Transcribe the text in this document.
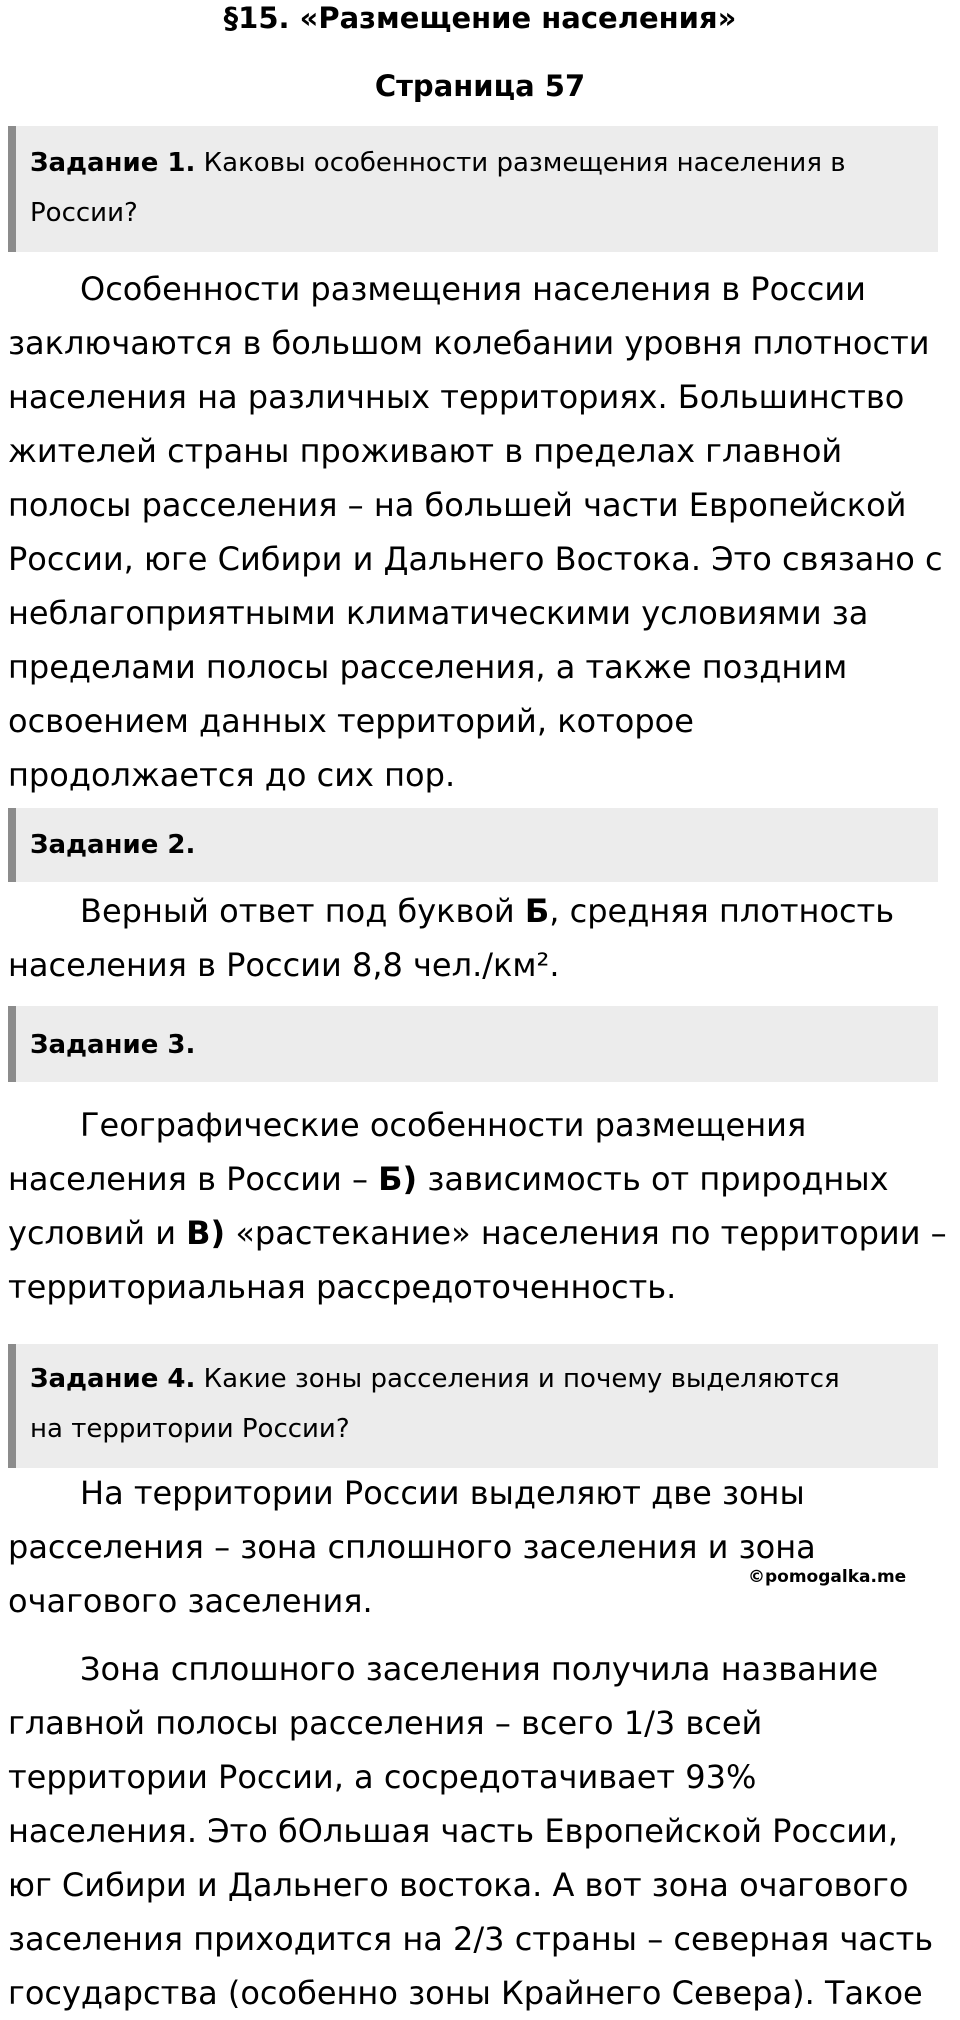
§15. «Размещение населения»
Страница 57
Задание 1. Каковы особенности размещения населения в
России?
Особенности размещения населения в России
заключаются в большом колебании уровня плотности
населения на различных территориях. Большинство
жителей страны проживают в пределах главной
полосы расселения – на большей части Европейской
России, юге Сибири и Дальнего Востока. Это связано с
неблагоприятными климатическими условиями за
пределами полосы расселения, а также поздним
освоением данных территорий, которое
продолжается до сих пор.
Задание 2.
Верный ответ под буквой Б, средняя плотность
населения в России 8,8 чел./км².
Задание 3.
Географические особенности размещения
населения в России – Б) зависимость от природных
условий и В) «растекание» населения по территории –
территориальная рассредоточенность.
Задание 4. Какие зоны расселения и почему выделяются
на территории России?
На территории России выделяют две зоны
расселения – зона сплошного заселения и зона
очагового заселения.
©pomogalka.me
Зона сплошного заселения получила название
главной полосы расселения – всего 1/3 всей
территории России, а сосредотачивает 93%
населения. Это бОльшая часть Европейской России,
юг Сибири и Дальнего востока. А вот зона очагового
заселения приходится на 2/3 страны – северная часть
государства (особенно зоны Крайнего Севера). Такое
